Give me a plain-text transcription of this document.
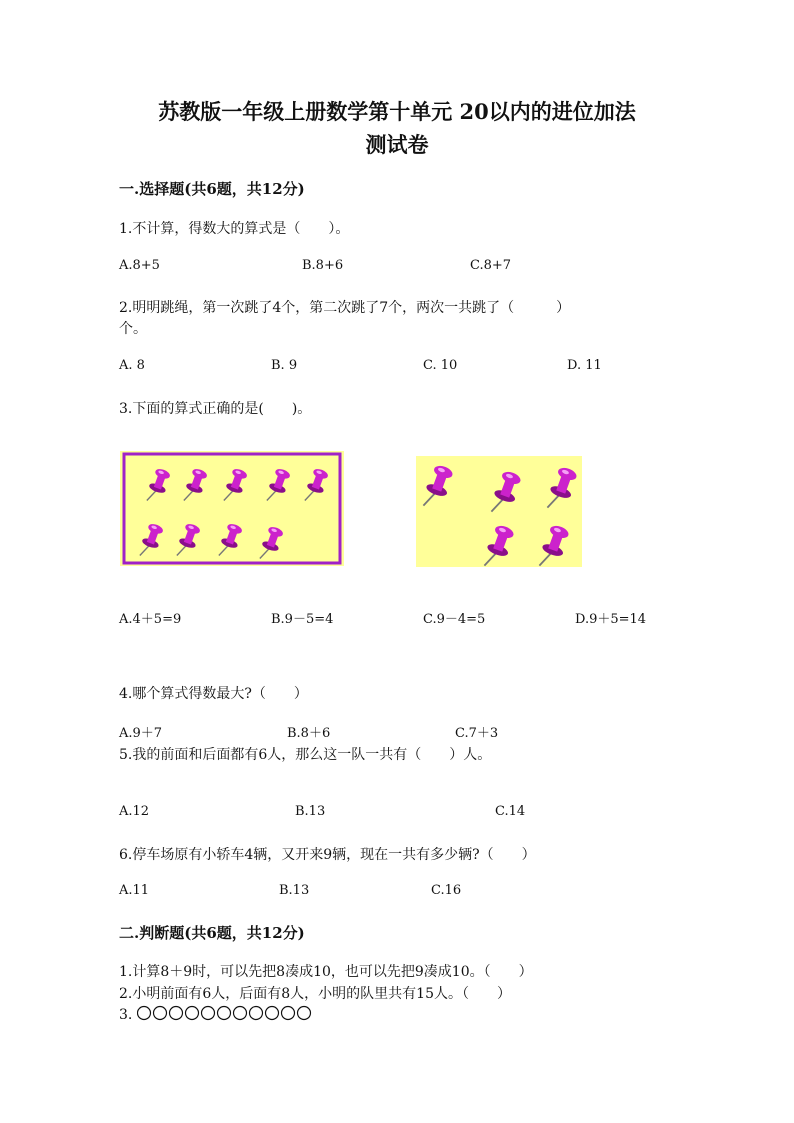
苏教版一年级上册数学第十单元 20以内的进位加法
测试卷
一.选择题(共6题，共12分)
1.不计算，得数大的算式是（　　）。
A.8+5	B.8+6	C.8+7
2.明明跳绳，第一次跳了4个，第二次跳了7个，两次一共跳了（　　　）
个。
A. 8	B. 9	C. 10	D. 11
3.下面的算式正确的是(　　)。
A.4＋5=9	B.9－5=4	C.9－4=5	D.9＋5=14
4.哪个算式得数最大?（　　）
A.9＋7	B.8＋6	C.7＋3
5.我的前面和后面都有6人，那么这一队一共有（　　）人。
A.12	B.13	C.14
6.停车场原有小轿车4辆，又开来9辆，现在一共有多少辆?（　　）
A.11	B.13	C.16
二.判断题(共6题，共12分)
1.计算8＋9时，可以先把8凑成10，也可以先把9凑成10。（　　）
2.小明前面有6人，后面有8人，小明的队里共有15人。（　　）
3.
